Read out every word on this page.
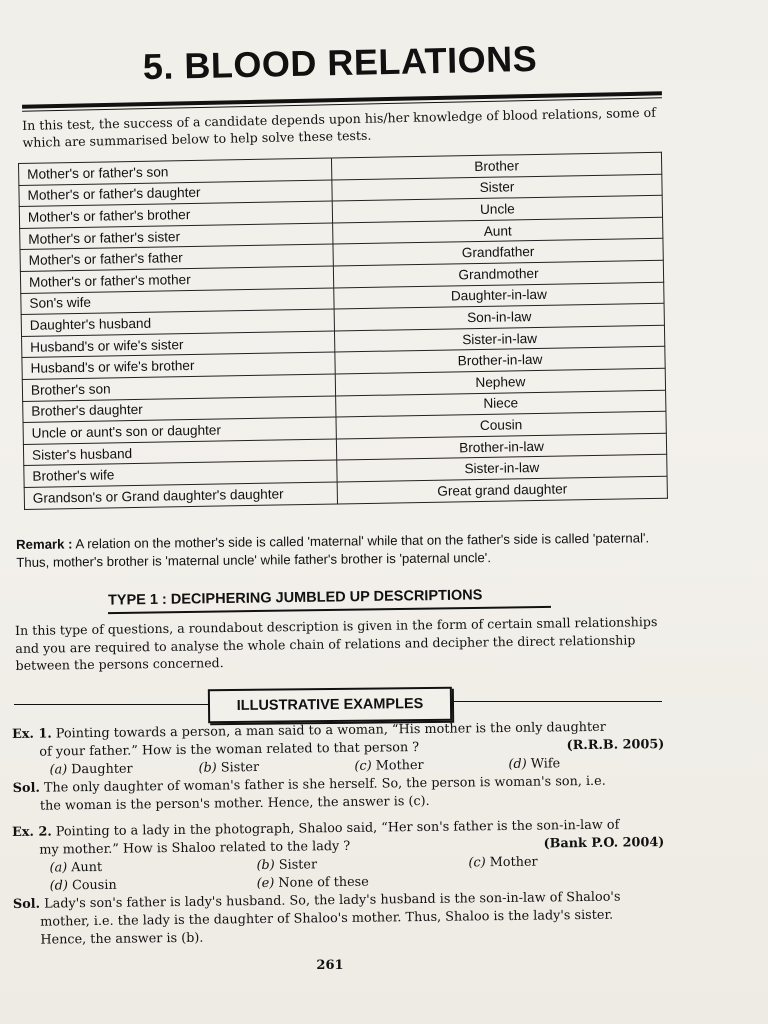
5. BLOOD RELATIONS
In this test, the success of a candidate depends upon his/her knowledge of blood relations, some of which are summarised below to help solve these tests.
Mother's or father's son	Brother
Mother's or father's daughter	Sister
Mother's or father's brother	Uncle
Mother's or father's sister	Aunt
Mother's or father's father	Grandfather
Mother's or father's mother	Grandmother
Son's wife	Daughter-in-law
Daughter's husband	Son-in-law
Husband's or wife's sister	Sister-in-law
Husband's or wife's brother	Brother-in-law
Brother's son	Nephew
Brother's daughter	Niece
Uncle or aunt's son or daughter	Cousin
Sister's husband	Brother-in-law
Brother's wife	Sister-in-law
Grandson's or Grand daughter's daughter	Great grand daughter
Remark : A relation on the mother's side is called 'maternal' while that on the father's side is called 'paternal'. Thus, mother's brother is 'maternal uncle' while father's brother is 'paternal uncle'.
TYPE 1 : DECIPHERING JUMBLED UP DESCRIPTIONS
In this type of questions, a roundabout description is given in the form of certain small relationships and you are required to analyse the whole chain of relations and decipher the direct relationship between the persons concerned.
ILLUSTRATIVE EXAMPLES
Ex. 1. Pointing towards a person, a man said to a woman, “His mother is the only daughter
of your father.” How is the woman related to that person ?	(R.R.B. 2005)
(a) Daughter	(b) Sister	(c) Mother	(d) Wife
Sol. The only daughter of woman's father is she herself. So, the person is woman's son, i.e.
the woman is the person's mother. Hence, the answer is (c).
Ex. 2. Pointing to a lady in the photograph, Shaloo said, “Her son's father is the son-in-law of
my mother.” How is Shaloo related to the lady ?	(Bank P.O. 2004)
(a) Aunt	(b) Sister	(c) Mother
(d) Cousin	(e) None of these
Sol. Lady's son's father is lady's husband. So, the lady's husband is the son-in-law of Shaloo's
mother, i.e. the lady is the daughter of Shaloo's mother. Thus, Shaloo is the lady's sister.
Hence, the answer is (b).
261
